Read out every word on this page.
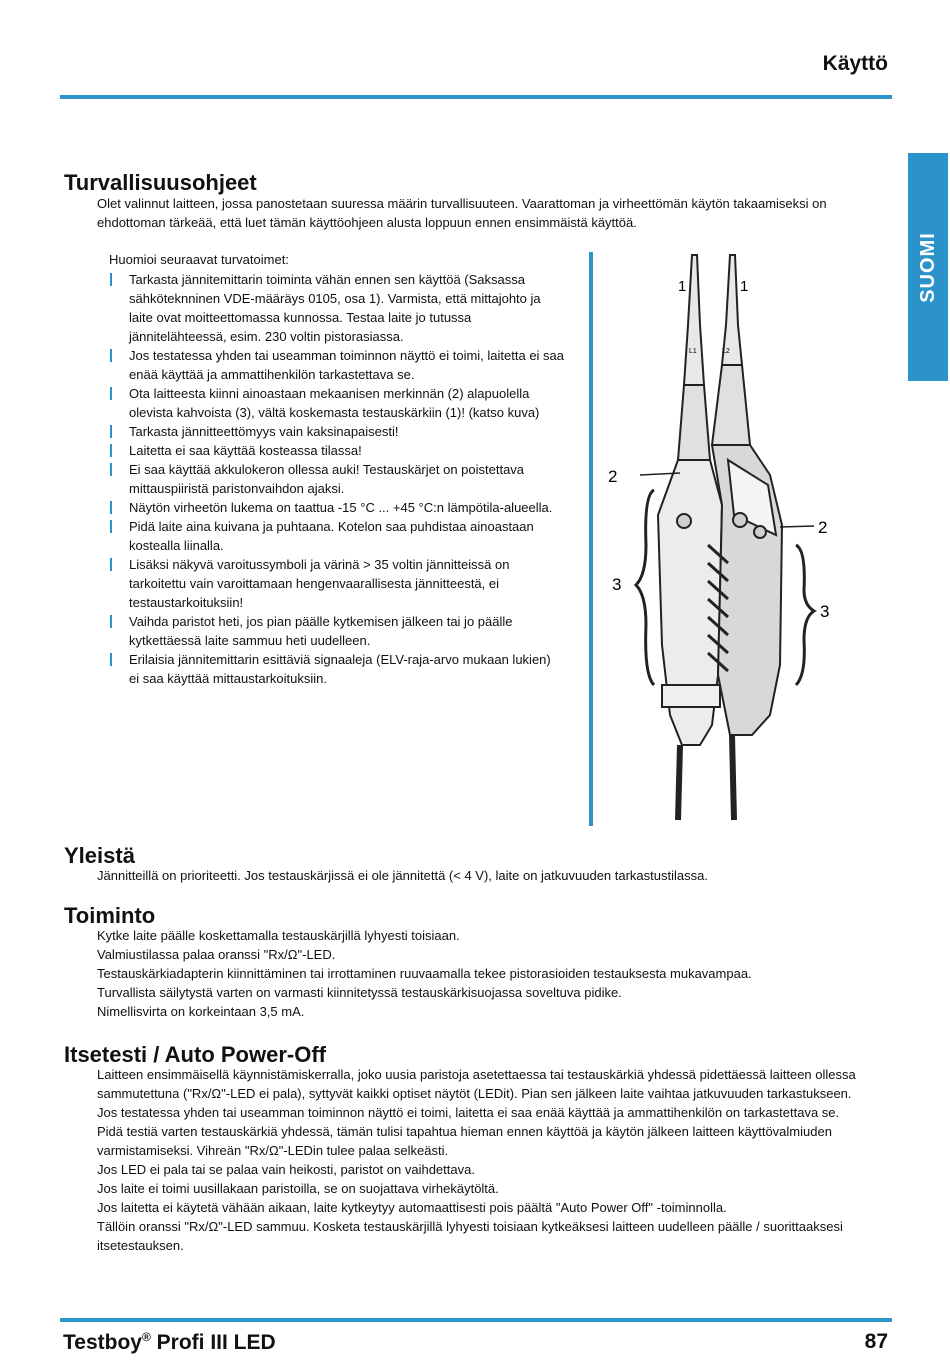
Käyttö
SUOMI
Turvallisuusohjeet

Olet valinnut laitteen, jossa panostetaan suuressa määrin turvallisuuteen. Vaarattoman ja virheettömän käytön takaamiseksi on

ehdottoman tärkeää, että luet tämän käyttöohjeen alusta loppuun ennen ensimmäistä käyttöä.

Huomioi seuraavat turvatoimet:

Tarkasta jännitemittarin toiminta vähän ennen sen käyttöä (Saksassa sähköteknninen VDE-määräys 0105, osa 1). Varmista, että mittajohto ja laite ovat moitteettomassa kunnossa. Testaa laite jo tutussa jännitelähteessä, esim. 230 voltin pistorasiassa.
Jos testatessa yhden tai useamman toiminnon näyttö ei toimi, laitetta ei saa enää käyttää ja ammattihenkilön tarkastettava se.
Ota laitteesta kiinni ainoastaan mekaanisen merkinnän (2) alapuolella olevista kahvoista (3), vältä koskemasta testauskärkiin (1)! (katso kuva)
Tarkasta jännitteettömyys vain kaksinapaisesti!
Laitetta ei saa käyttää kosteassa tilassa!
Ei saa käyttää akkulokeron ollessa auki! Testauskärjet on poistettava mittauspiiristä paristonvaihdon ajaksi.
Näytön virheetön lukema on taattua -15 °C ... +45 °C:n lämpötila-alueella.
Pidä laite aina kuivana ja puhtaana. Kotelon saa puhdistaa ainoastaan kostealla liinalla.
Lisäksi näkyvä varoitussymboli ja värinä > 35 voltin jännitteissä on tarkoitettu vain varoittamaan hengenvaarallisesta jännitteestä, ei testaustarkoituksiin!
Vaihda paristot heti, jos pian päälle kytkemisen jälkeen tai jo päälle kytkettäessä laite sammuu heti uudelleen.
Erilaisia jännitemittarin esittäviä signaaleja (ELV-raja-arvo mukaan lukien) ei saa käyttää mittaustarkoituksiin.
1	1
L1	L2
2
2
3
3
Yleistä

Jännitteillä on prioriteetti. Jos testauskärjissä ei ole jännitettä (< 4 V), laite on jatkuvuuden tarkastustilassa.

Toiminto

Kytke laite päälle koskettamalla testauskärjillä lyhyesti toisiaan.

Valmiustilassa palaa oranssi "Rx/Ω"-LED.

Testauskärkiadapterin kiinnittäminen tai irrottaminen ruuvaamalla tekee pistorasioiden testauksesta mukavampaa.

Turvallista säilytystä varten on varmasti kiinnitetyssä testauskärkisuojassa soveltuva pidike.

Nimellisvirta on korkeintaan 3,5 mA.

Itsetesti / Auto Power-Off

Laitteen ensimmäisellä käynnistämiskerralla, joko uusia paristoja asetettaessa tai testauskärkiä yhdessä pidettäessä laitteen ollessa sammutettuna ("Rx/Ω"-LED ei pala), syttyvät kaikki optiset näytöt (LEDit). Pian sen jälkeen laite vaihtaa jatkuvuuden tarkastukseen.

Jos testatessa yhden tai useamman toiminnon näyttö ei toimi, laitetta ei saa enää käyttää ja ammattihenkilön on tarkastettava se.

Pidä testiä varten testauskärkiä yhdessä, tämän tulisi tapahtua hieman ennen käyttöä ja käytön jälkeen laitteen käyttövalmiuden varmistamiseksi. Vihreän "Rx/Ω"-LEDin tulee palaa selkeästi.

Jos LED ei pala tai se palaa vain heikosti, paristot on vaihdettava.

Jos laite ei toimi uusillakaan paristoilla, se on suojattava virhekäytöltä.

Jos laitetta ei käytetä vähään aikaan, laite kytkeytyy automaattisesti pois päältä "Auto Power Off" -toiminnolla.

Tällöin oranssi "Rx/Ω"-LED sammuu. Kosketa testauskärjillä lyhyesti toisiaan kytkeäksesi laitteen uudelleen päälle / suorittaaksesi itsetestauksen.

Testboy® Profi III LED	87
